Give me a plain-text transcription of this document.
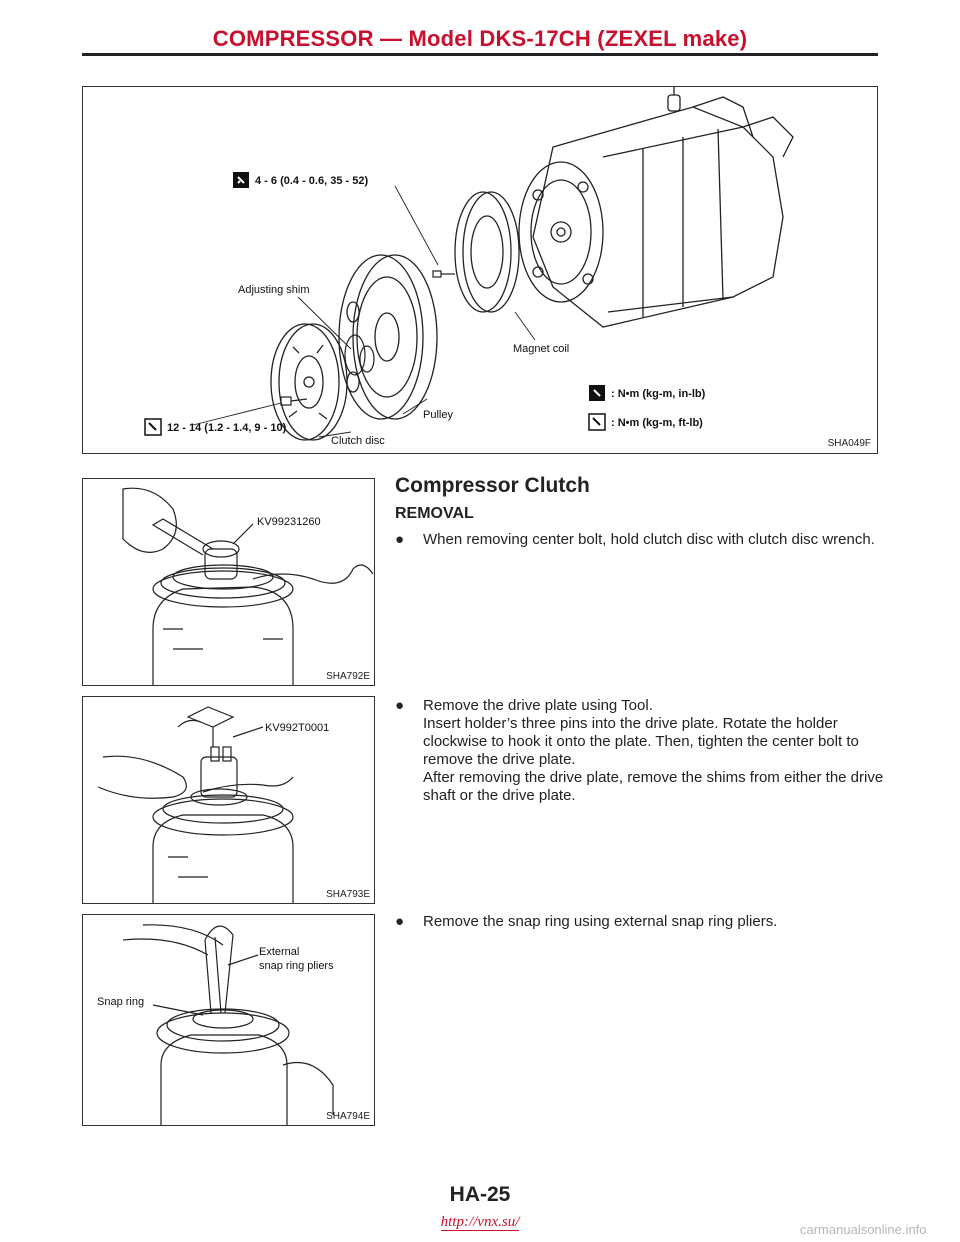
COMPRESSOR — Model DKS-17CH (ZEXEL make)
4 - 6 (0.4 - 0.6, 35 - 52)
Adjusting shim
Magnet coil
Pulley
Clutch disc
12 - 14 (1.2 - 1.4, 9 - 10)
: N•m (kg-m, in-lb)
: N•m (kg-m, ft-lb)
SHA049F
KV99231260
SHA792E
KV992T0001
SHA793E
External
snap ring pliers
Snap ring
SHA794E
Compressor Clutch
REMOVAL
●	When removing center bolt, hold clutch disc with clutch disc wrench.

●	Remove the drive plate using Tool.

Insert holder’s three pins into the drive plate. Rotate the holder clockwise to hook it onto the plate. Then, tighten the center bolt to remove the drive plate.

After removing the drive plate, remove the shims from either the drive shaft or the drive plate.

●	Remove the snap ring using external snap ring pliers.

HA-25
http://vnx.su/	carmanualsonline.info
